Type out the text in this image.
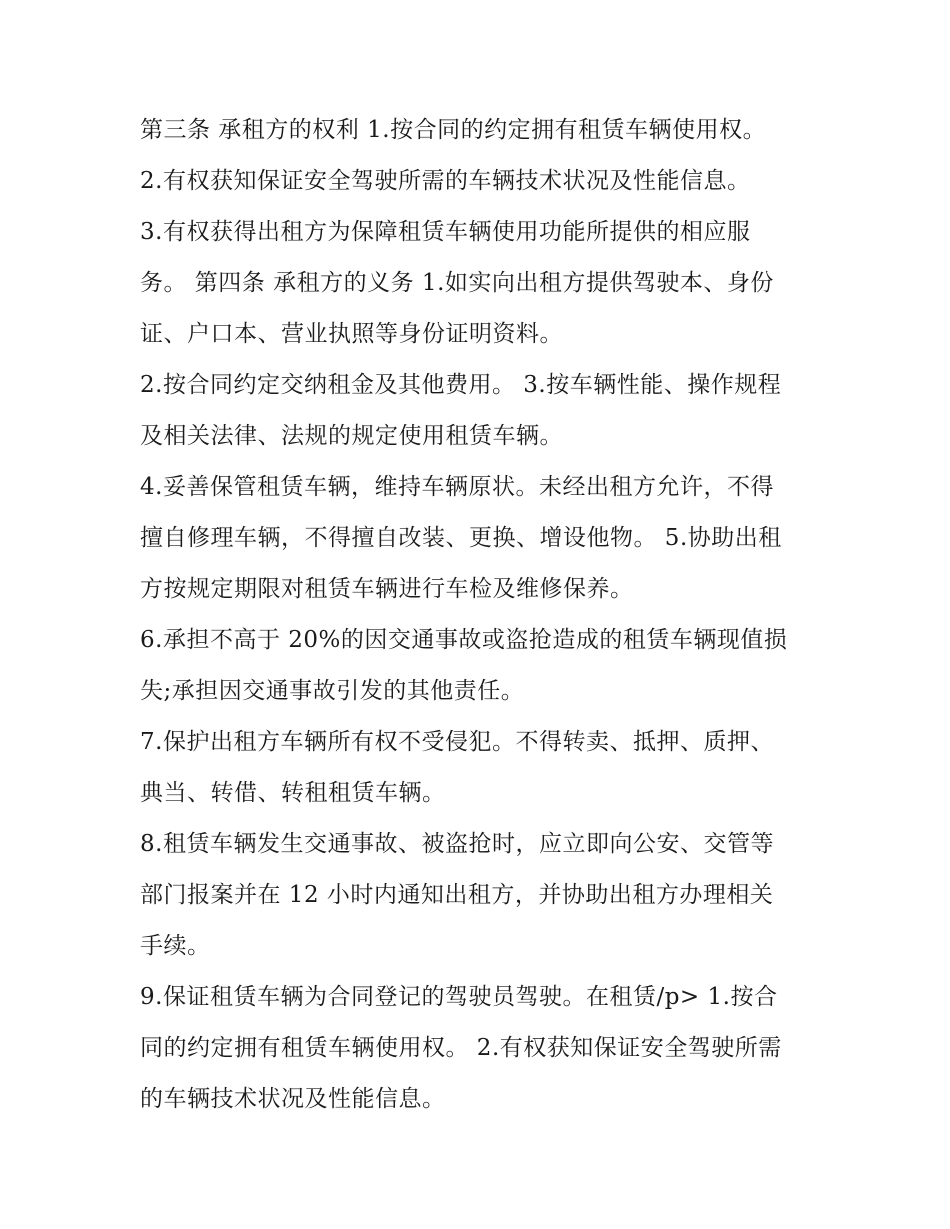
第三条 承租方的权利 1.按合同的约定拥有租赁车辆使用权。
2.有权获知保证安全驾驶所需的车辆技术状况及性能信息。
3.有权获得出租方为保障租赁车辆使用功能所提供的相应服
务。 第四条 承租方的义务 1.如实向出租方提供驾驶本、身份
证、户口本、营业执照等身份证明资料。
2.按合同约定交纳租金及其他费用。 3.按车辆性能、操作规程
及相关法律、法规的规定使用租赁车辆。
4.妥善保管租赁车辆，维持车辆原状。未经出租方允许，不得
擅自修理车辆，不得擅自改装、更换、增设他物。 5.协助出租
方按规定期限对租赁车辆进行车检及维修保养。
6.承担不高于 20%的因交通事故或盗抢造成的租赁车辆现值损
失;承担因交通事故引发的其他责任。
7.保护出租方车辆所有权不受侵犯。不得转卖、抵押、质押、
典当、转借、转租租赁车辆。
8.租赁车辆发生交通事故、被盗抢时，应立即向公安、交管等
部门报案并在 12 小时内通知出租方，并协助出租方办理相关
手续。
9.保证租赁车辆为合同登记的驾驶员驾驶。在租赁/p> 1.按合
同的约定拥有租赁车辆使用权。 2.有权获知保证安全驾驶所需
的车辆技术状况及性能信息。
